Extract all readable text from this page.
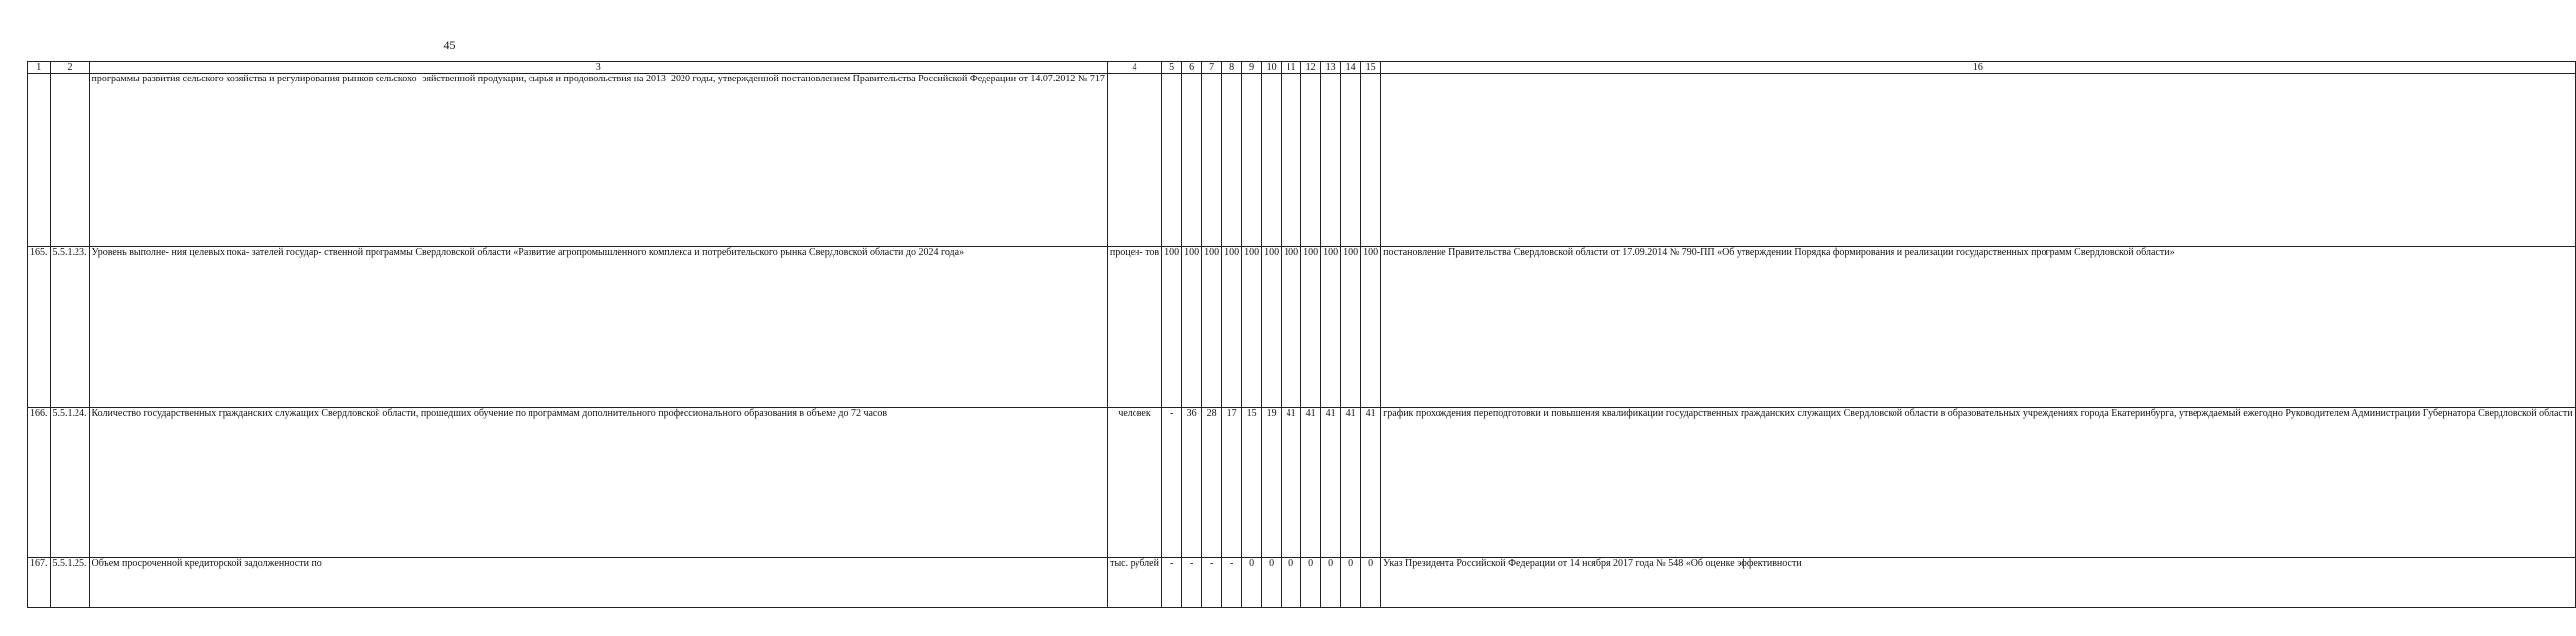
45
1	2	3	4	5	6	7	8	9	10	11	12	13	14	15	16
		программы развития сельского хозяйства и регулирования рынков сельскохо- зяйственной продукции, сырья и продовольствия на 2013–2020 годы, утвержденной постановлением Правительства Российской Федерации от 14.07.2012 № 717													
165.	5.5.1.23.	Уровень выполне- ния целевых пока- зателей государ- ственной программы Свердловской области «Развитие агропромышленного комплекса и потребительского рынка Свердловской области до 2024 года»	процен- тов	100	100	100	100	100	100	100	100	100	100	100	постановление Правительства Свердловской области от 17.09.2014 № 790-ПП «Об утверждении Порядка формирования и реализации государственных программ Свердловской области»
166.	5.5.1.24.	Количество государственных гражданских служащих Свердловской области, прошедших обучение по программам дополнительного профессионального образования в объеме до 72 часов	человек	-	36	28	17	15	19	41	41	41	41	41	график прохождения переподготовки и повышения квалификации государственных гражданских служащих Свердловской области в образовательных учреждениях города Екатеринбурга, утверждаемый ежегодно Руководителем Администрации Губернатора Свердловской области
167.	5.5.1.25.	Объем просроченной кредиторской задолженности по	тыс. рублей	-	-	-	-	0	0	0	0	0	0	0	Указ Президента Российской Федерации от 14 ноября 2017 года № 548 «Об оценке эффективности
